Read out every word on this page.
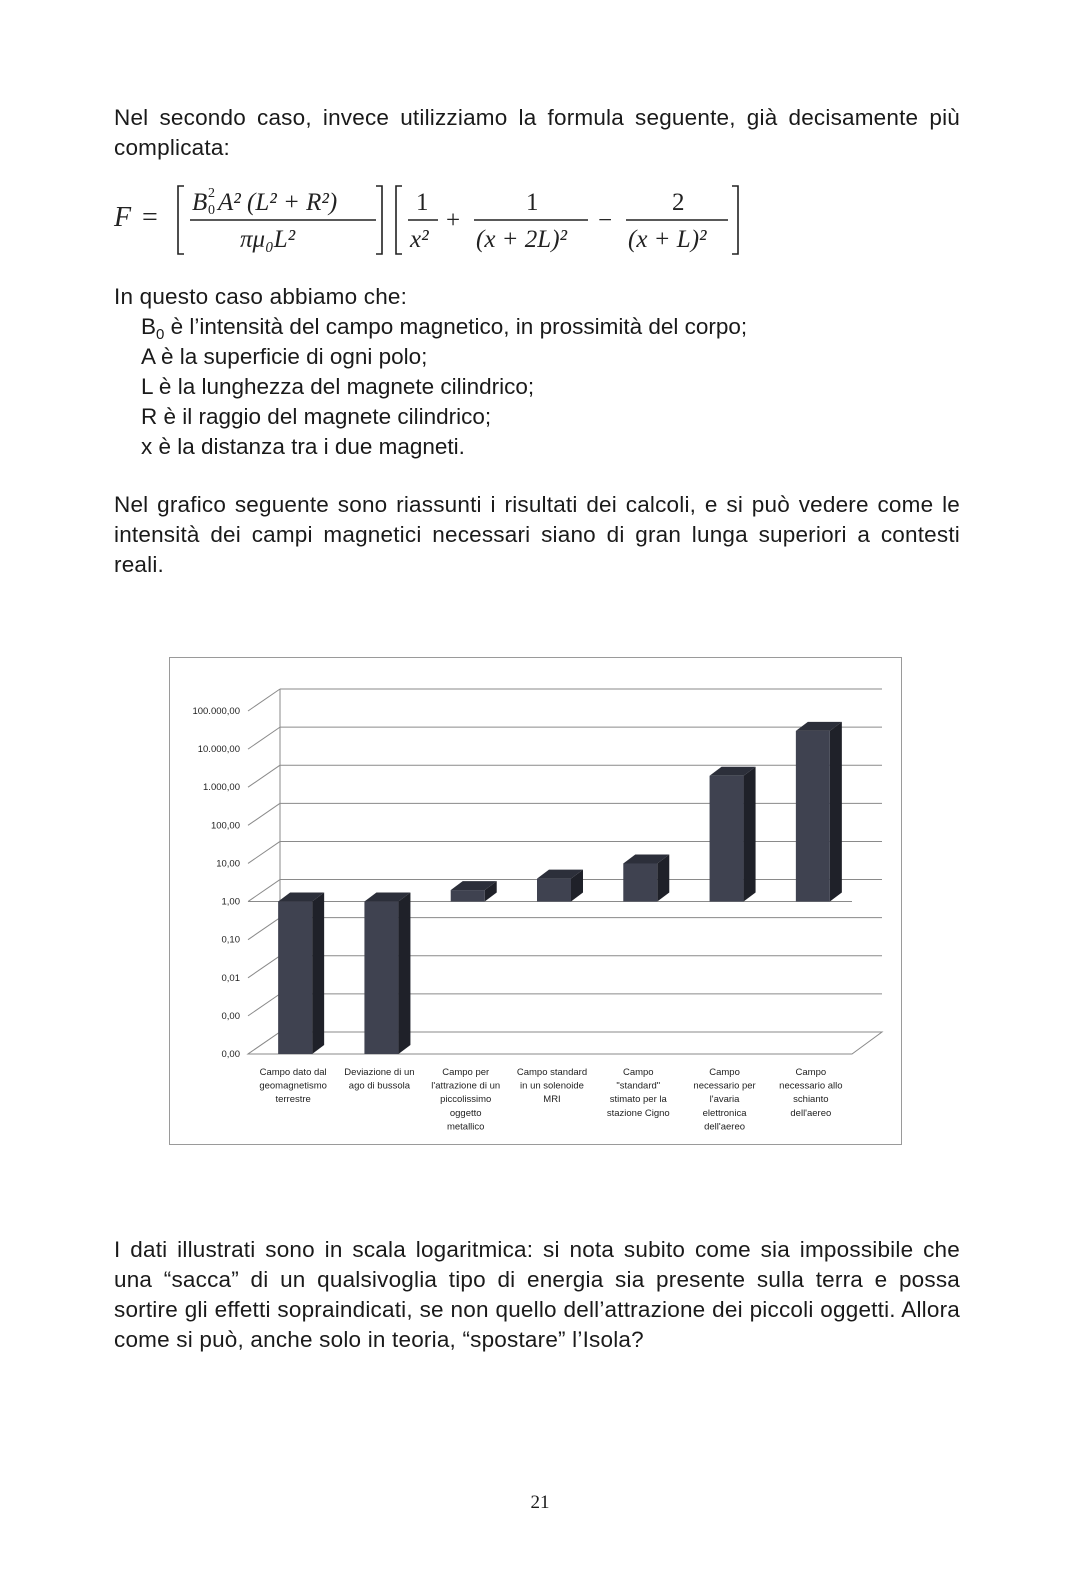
Nel secondo caso, invece utilizziamo la formula seguente, già decisamente più complicata:
F = B 2
0 A² (L² + R²)
πμ₀L²
1
x²
+
1
(x + 2L)²
−
2
(x + L)²
In questo caso abbiamo che:
$B_0$ è l’intensità del campo magnetico, in prossimità del corpo;
A è la superficie di ogni polo;
L è la lunghezza del magnete cilindrico;
R è il raggio del magnete cilindrico;
x è la distanza tra i due magneti.
Nel grafico seguente sono riassunti i risultati dei calcoli, e si può vedere come le intensità dei campi magnetici necessari siano di gran lunga superiori a contesti reali.
0,00
0,00
0,01
0,10
1,00
10,00
100,00
1.000,00
10.000,00
100.000,00
Campo dato dal
geomagnetismo
terrestre
Deviazione di un
ago di bussola
Campo per
l'attrazione di un
piccolissimo
oggetto
metallico
Campo standard
in un solenoide
MRI
Campo
"standard"
stimato per la
stazione Cigno
Campo
necessario per
l'avaria
elettronica
dell'aereo
Campo
necessario allo
schianto
dell'aereo
I dati illustrati sono in scala logaritmica: si nota subito come sia impossibile che una “sacca” di un qualsivoglia tipo di energia sia presente sulla terra e possa sortire gli effetti sopraindicati, se non quello dell’attrazione dei piccoli oggetti. Allora come si può, anche solo in teoria, “spostare” l’Isola?
21
